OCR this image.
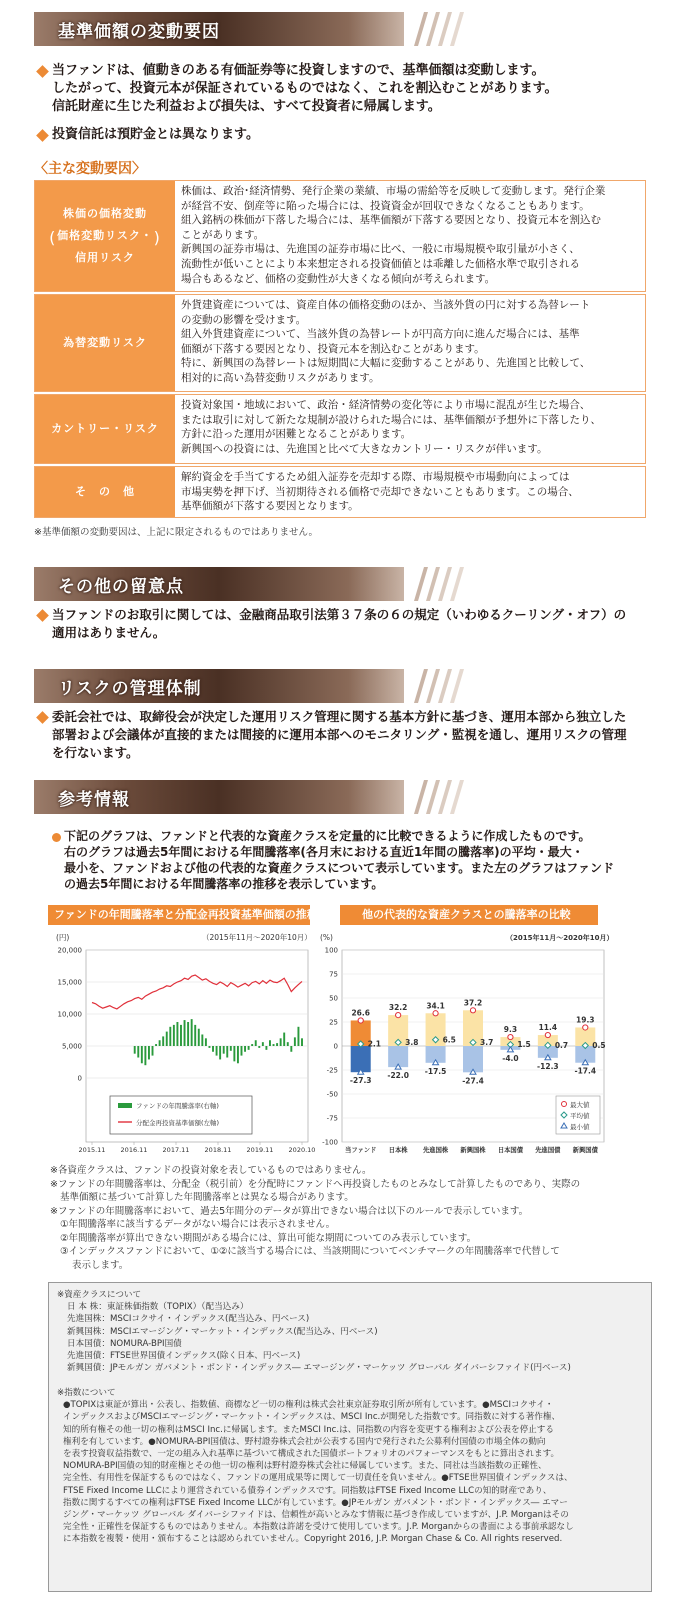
基準価額の変動要因
当ファンドは、値動きのある有価証券等に投資しますので、基準価額は変動します。
したがって、投資元本が保証されているものではなく、これを割込むことがあります。
信託財産に生じた利益および損失は、すべて投資者に帰属します。
投資信託は預貯金とは異なります。
〈主な変動要因〉
株価の価格変動
( 価格変動リスク・
信用リスク
)
株価は、政治･経済情勢、発行企業の業績、市場の需給等を反映して変動します。発行企業
が経営不安、倒産等に陥った場合には、投資資金が回収できなくなることもあります。
組入銘柄の株価が下落した場合には、基準価額が下落する要因となり、投資元本を割込む
ことがあります。
新興国の証券市場は、先進国の証券市場に比べ、一般に市場規模や取引量が小さく、
流動性が低いことにより本来想定される投資価値とは乖離した価格水準で取引される
場合もあるなど、価格の変動性が大きくなる傾向が考えられます。
為替変動リスク
外貨建資産については、資産自体の価格変動のほか、当該外貨の円に対する為替レート
の変動の影響を受けます。
組入外貨建資産について、当該外貨の為替レートが円高方向に進んだ場合には、基準
価額が下落する要因となり、投資元本を割込むことがあります。
特に、新興国の為替レートは短期間に大幅に変動することがあり、先進国と比較して、
相対的に高い為替変動リスクがあります。
カントリー・リスク
投資対象国・地域において、政治・経済情勢の変化等により市場に混乱が生じた場合、
または取引に対して新たな規制が設けられた場合には、基準価額が予想外に下落したり、
方針に沿った運用が困難となることがあります。
新興国への投資には、先進国と比べて大きなカントリー・リスクが伴います。
そ　の　他
解約資金を手当てするため組入証券を売却する際、市場規模や市場動向によっては
市場実勢を押下げ、当初期待される価格で売却できないこともあります。この場合、
基準価額が下落する要因となります。
※基準価額の変動要因は、上記に限定されるものではありません。
その他の留意点
当ファンドのお取引に関しては、金融商品取引法第３７条の６の規定（いわゆるクーリング・オフ）の
適用はありません。
リスクの管理体制
委託会社では、取締役会が決定した運用リスク管理に関する基本方針に基づき、運用本部から独立した
部署および会議体が直接的または間接的に運用本部へのモニタリング・監視を通し、運用リスクの管理
を行ないます。
参考情報
下記のグラフは、ファンドと代表的な資産クラスを定量的に比較できるように作成したものです。
右のグラフは過去5年間における年間騰落率(各月末における直近1年間の騰落率)の平均・最大・
最小を、ファンドおよび他の代表的な資産クラスについて表示しています。また左のグラフはファンド
の過去5年間における年間騰落率の推移を表示しています。
ファンドの年間騰落率と分配金再投資基準価額の推移	他の代表的な資産クラスとの騰落率の比較
(円)	（2015年11月～2020年10月）
20,000
15,000
10,000
5,000
0
2015.11 2016.11 2017.11 2018.11 2019.11 2020.10
ファンドの年間騰落率(右軸)
分配金再投資基準価額(左軸)
(%)	（2015年11月～2020年10月）
100
75
50
25
0
-25
-50
-75
-100
26.6
2.1
-27.3
当ファンド
32.2
3.8
-22.0
日本株
34.1
6.5
-17.5
先進国株
37.2
3.7
-27.4
新興国株
9.3
1.5
-4.0
日本国債
11.4
0.7
-12.3
先進国債
19.3
0.5
-17.4
新興国債
最大値
平均値
最小値
※各資産クラスは、ファンドの投資対象を表しているものではありません。
※ファンドの年間騰落率は、分配金（税引前）を分配時にファンドへ再投資したものとみなして計算したものであり、実際の
基準価額に基づいて計算した年間騰落率とは異なる場合があります。
※ファンドの年間騰落率において、過去5年間分のデータが算出できない場合は以下のルールで表示しています。
①年間騰落率に該当するデータがない場合には表示されません。
②年間騰落率が算出できない期間がある場合には、算出可能な期間についてのみ表示しています。
③インデックスファンドにおいて、①②に該当する場合には、当該期間についてベンチマークの年間騰落率で代替して
表示します。
※資産クラスについて
日 本 株：東証株価指数（TOPIX）（配当込み）
先進国株：MSCIコクサイ・インデックス(配当込み、円ベース)
新興国株：MSCIエマージング・マーケット・インデックス(配当込み、円ベース)
日本国債：NOMURA-BPI国債
先進国債：FTSE世界国債インデックス(除く日本、円ベース)
新興国債：JPモルガン ガバメント・ボンド・インデックス― エマージング・マーケッツ グローバル ダイバーシファイド(円ベース)
※指数について
●TOPIXは東証が算出・公表し、指数値、商標など一切の権利は株式会社東京証券取引所が所有しています。●MSCIコクサイ・
インデックスおよびMSCIエマージング・マーケット・インデックスは、MSCI Inc.が開発した指数です。同指数に対する著作権、
知的所有権その他一切の権利はMSCI Inc.に帰属します。またMSCI Inc.は、同指数の内容を変更する権利および公表を停止する
権利を有しています。●NOMURA-BPI国債は、野村證券株式会社が公表する国内で発行された公募利付国債の市場全体の動向
を表す投資収益指数で、一定の組み入れ基準に基づいて構成された国債ポートフォリオのパフォーマンスをもとに算出されます。
NOMURA-BPI国債の知的財産権とその他一切の権利は野村證券株式会社に帰属しています。また、同社は当該指数の正確性、
完全性、有用性を保証するものではなく、ファンドの運用成果等に関して一切責任を負いません。●FTSE世界国債インデックスは、
FTSE Fixed Income LLCにより運営されている債券インデックスです。同指数はFTSE Fixed Income LLCの知的財産であり、
指数に関するすべての権利はFTSE Fixed Income LLCが有しています。●JPモルガン ガバメント・ボンド・インデックス― エマー
ジング・マーケッツ グローバル ダイバーシファイドは、信頼性が高いとみなす情報に基づき作成していますが、J.P. Morganはその
完全性・正確性を保証するものではありません。本指数は許諾を受けて使用しています。J.P. Morganからの書面による事前承認なし
に本指数を複製・使用・頒布することは認められていません。Copyright 2016, J.P. Morgan Chase & Co. All rights reserved.
